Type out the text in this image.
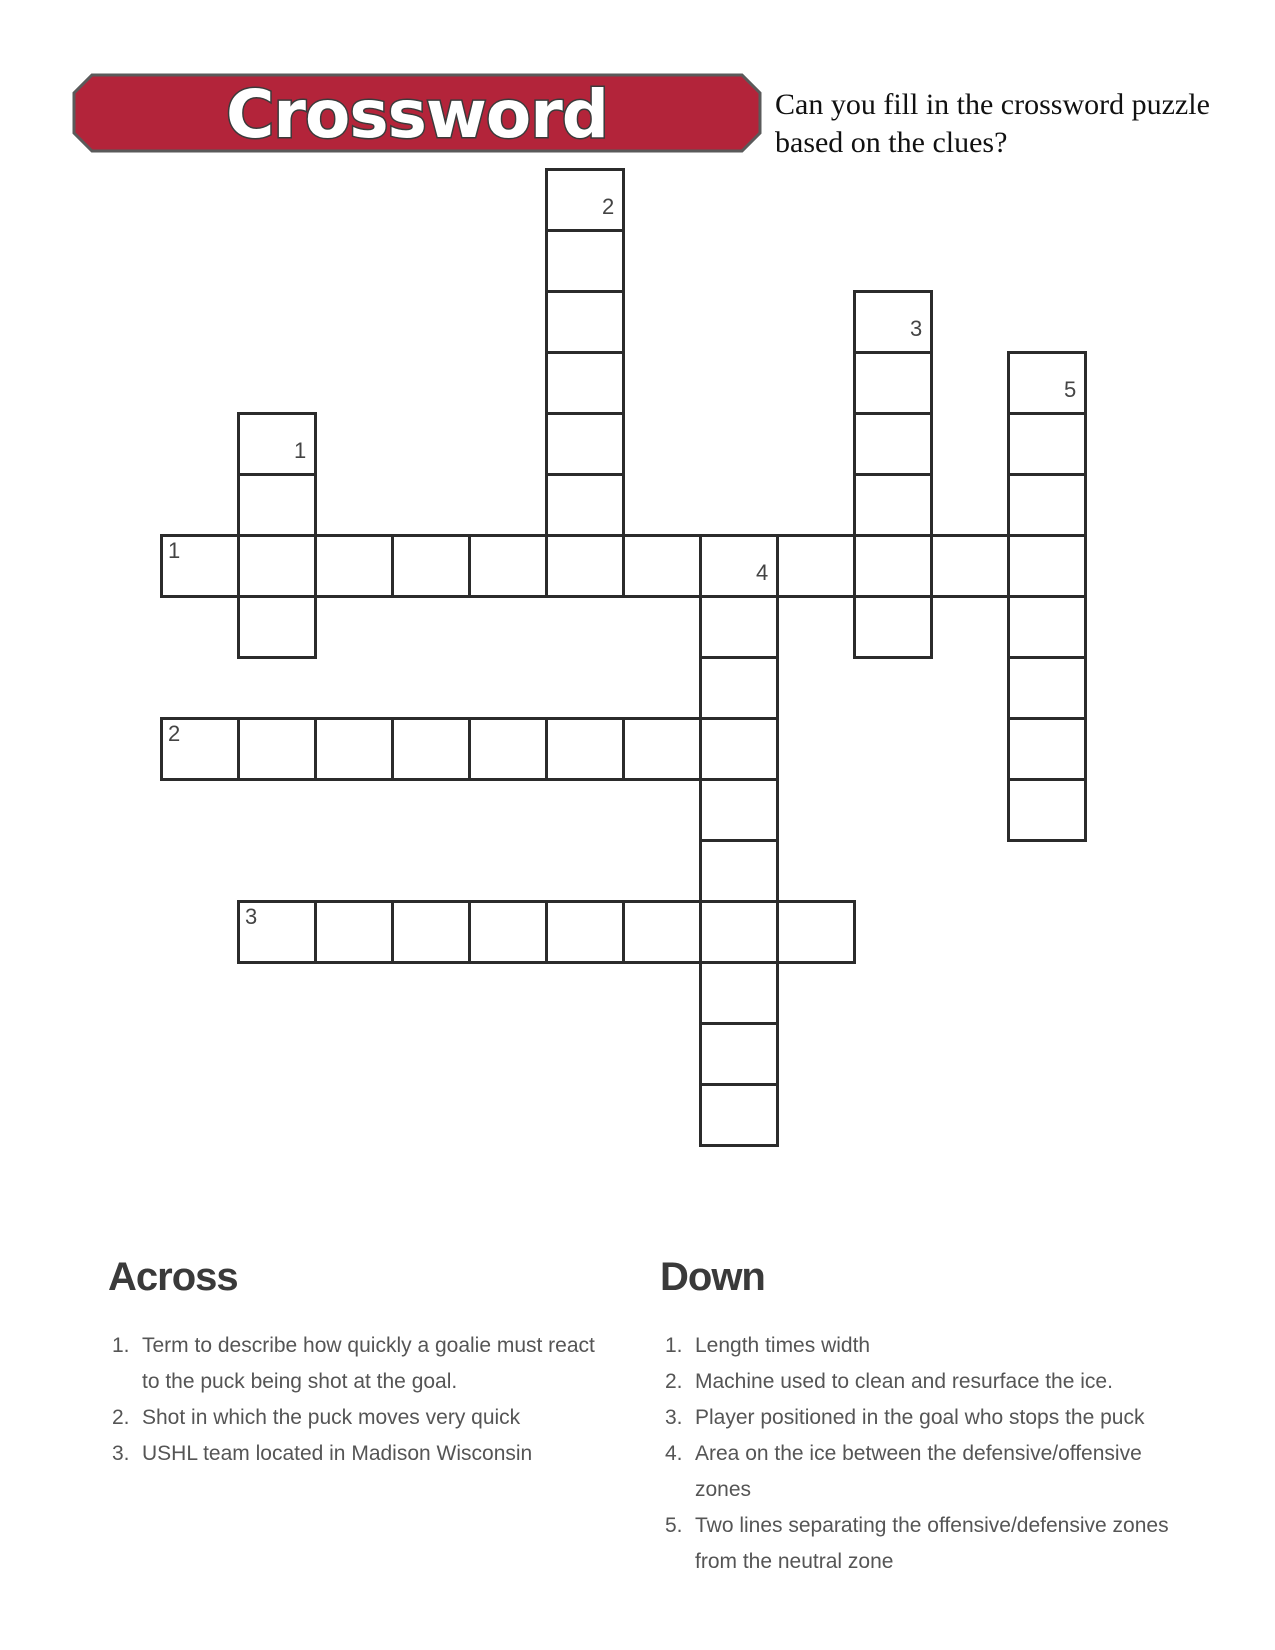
Crossword	Can you fill in the crossword puzzle based on the clues?
1
2
3
1
2
3
4
5
Across
1. Term to describe how quickly a goalie must react to the puck being shot at the goal.
2. Shot in which the puck moves very quick
3. USHL team located in Madison Wisconsin
Down
1. Length times width
2. Machine used to clean and resurface the ice.
3. Player positioned in the goal who stops the puck
4. Area on the ice between the defensive/offensive zones
5. Two lines separating the offensive/defensive zones from the neutral zone
